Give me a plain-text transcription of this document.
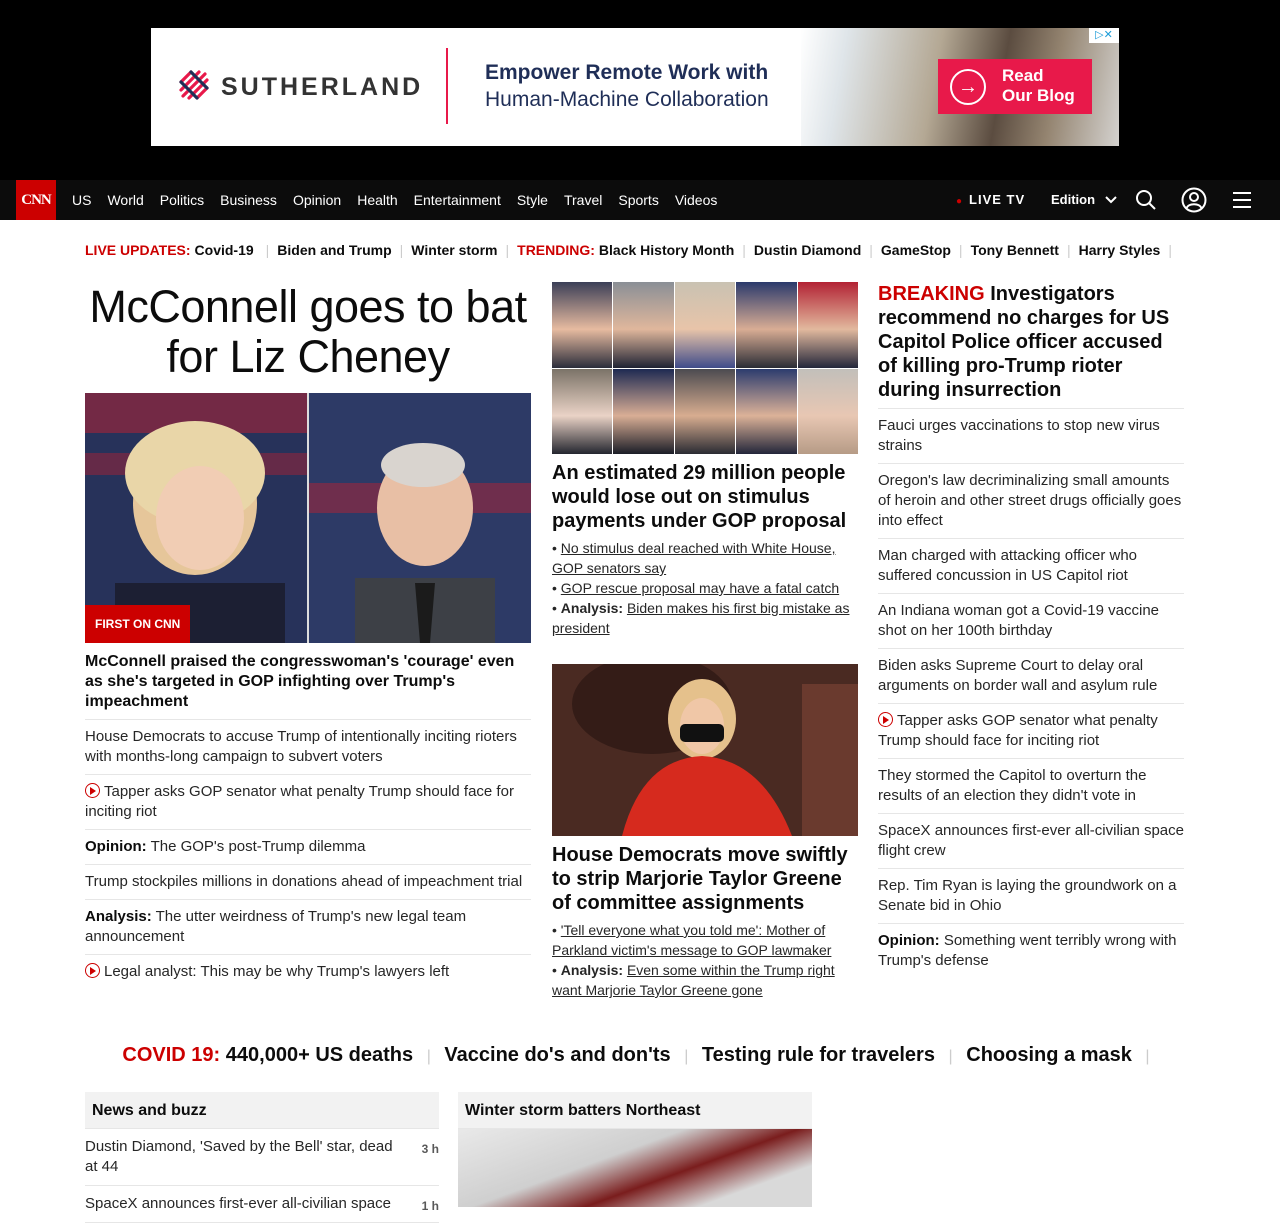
SUTHERLAND
Empower Remote Work with
Human-Machine Collaboration
→
Read
Our Blog
▷✕
CNN	US	World	Politics	Business	Opinion	Health	Entertainment	Style	Travel	Sports	Videos	● LIVE TV Edition
LIVE UPDATES: Covid-19 | Biden and Trump | Winter storm | TRENDING: Black History Month | Dustin Diamond | GameStop | Tony Bennett | Harry Styles |
McConnell goes to bat for Liz Cheney
FIRST ON CNN
McConnell praised the congresswoman's 'courage' even as she's targeted in GOP infighting over Trump's impeachment
House Democrats to accuse Trump of intentionally inciting rioters with months-long campaign to subvert voters
Tapper asks GOP senator what penalty Trump should face for inciting riot
Opinion: The GOP's post-Trump dilemma
Trump stockpiles millions in donations ahead of impeachment trial
Analysis: The utter weirdness of Trump's new legal team announcement
Legal analyst: This may be why Trump's lawyers left
An estimated 29 million people would lose out on stimulus payments under GOP proposal
• No stimulus deal reached with White House, GOP senators say
• GOP rescue proposal may have a fatal catch
• Analysis: Biden makes his first big mistake as president
House Democrats move swiftly to strip Marjorie Taylor Greene of committee assignments
• 'Tell everyone what you told me': Mother of Parkland victim's message to GOP lawmaker
• Analysis: Even some within the Trump right want Marjorie Taylor Greene gone
BREAKING Investigators recommend no charges for US Capitol Police officer accused of killing pro-Trump rioter during insurrection
Fauci urges vaccinations to stop new virus strains
Oregon's law decriminalizing small amounts of heroin and other street drugs officially goes into effect
Man charged with attacking officer who suffered concussion in US Capitol riot
An Indiana woman got a Covid-19 vaccine shot on her 100th birthday
Biden asks Supreme Court to delay oral arguments on border wall and asylum rule
Tapper asks GOP senator what penalty Trump should face for inciting riot
They stormed the Capitol to overturn the results of an election they didn't vote in
SpaceX announces first-ever all-civilian space flight crew
Rep. Tim Ryan is laying the groundwork on a Senate bid in Ohio
Opinion: Something went terribly wrong with Trump's defense
COVID 19: 440,000+ US deaths | Vaccine do's and don'ts | Testing rule for travelers | Choosing a mask |
News and buzz
Dustin Diamond, 'Saved by the Bell' star, dead at 44
3 h
SpaceX announces first-ever all-civilian space	1 h
Winter storm batters Northeast
